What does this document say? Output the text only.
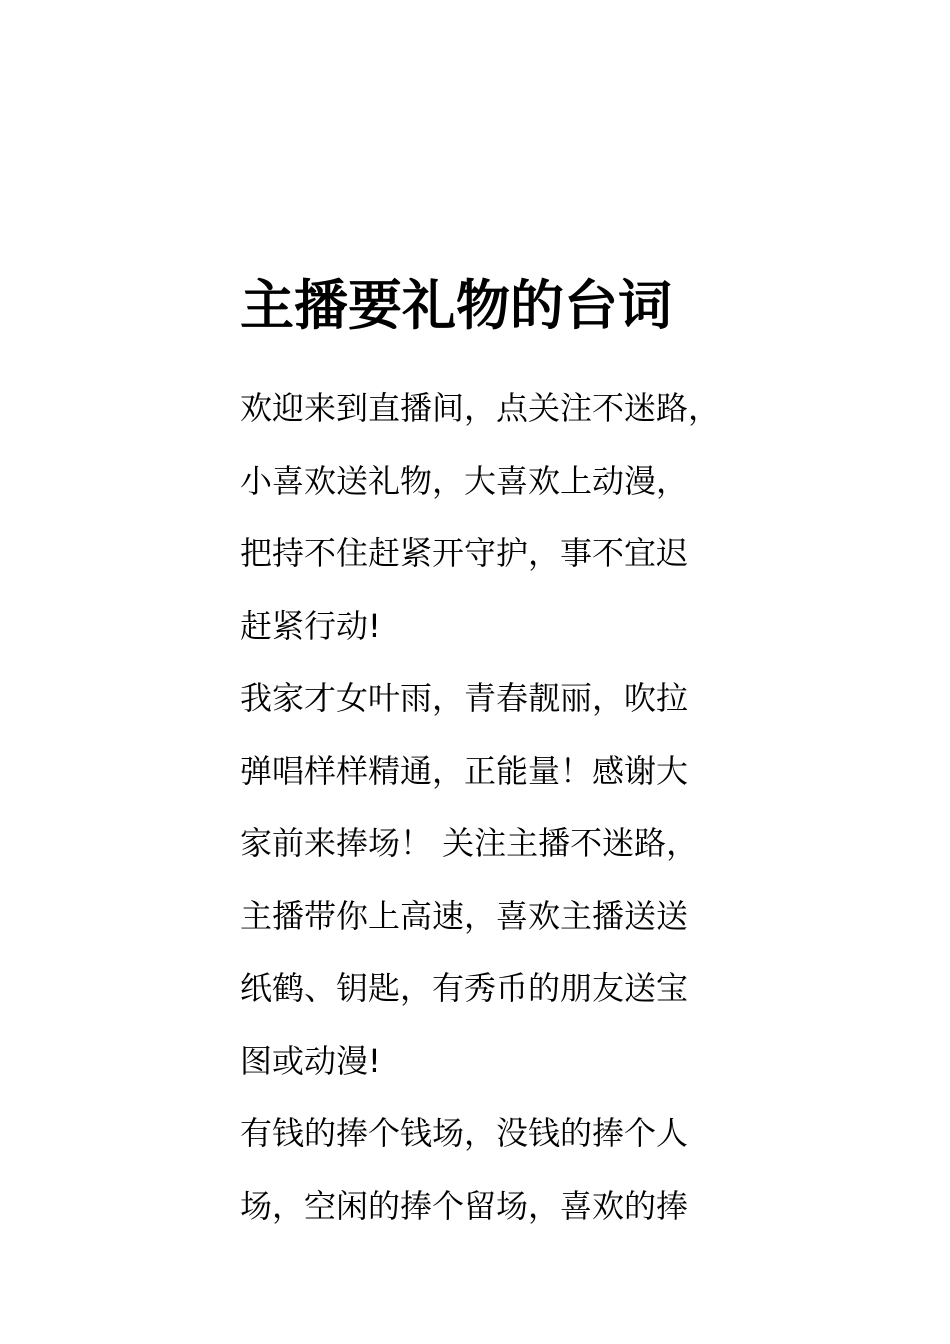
主播要礼物的台词
欢迎来到直播间，点关注不迷路，
小喜欢送礼物，大喜欢上动漫，
把持不住赶紧开守护，事不宜迟
赶紧行动!
我家才女叶雨，青春靓丽，吹拉
弹唱样样精通，正能量！感谢大
家前来捧场！ 关注主播不迷路，
主播带你上高速，喜欢主播送送
纸鹤、钥匙，有秀币的朋友送宝
图或动漫!
有钱的捧个钱场，没钱的捧个人
场，空闲的捧个留场，喜欢的捧
